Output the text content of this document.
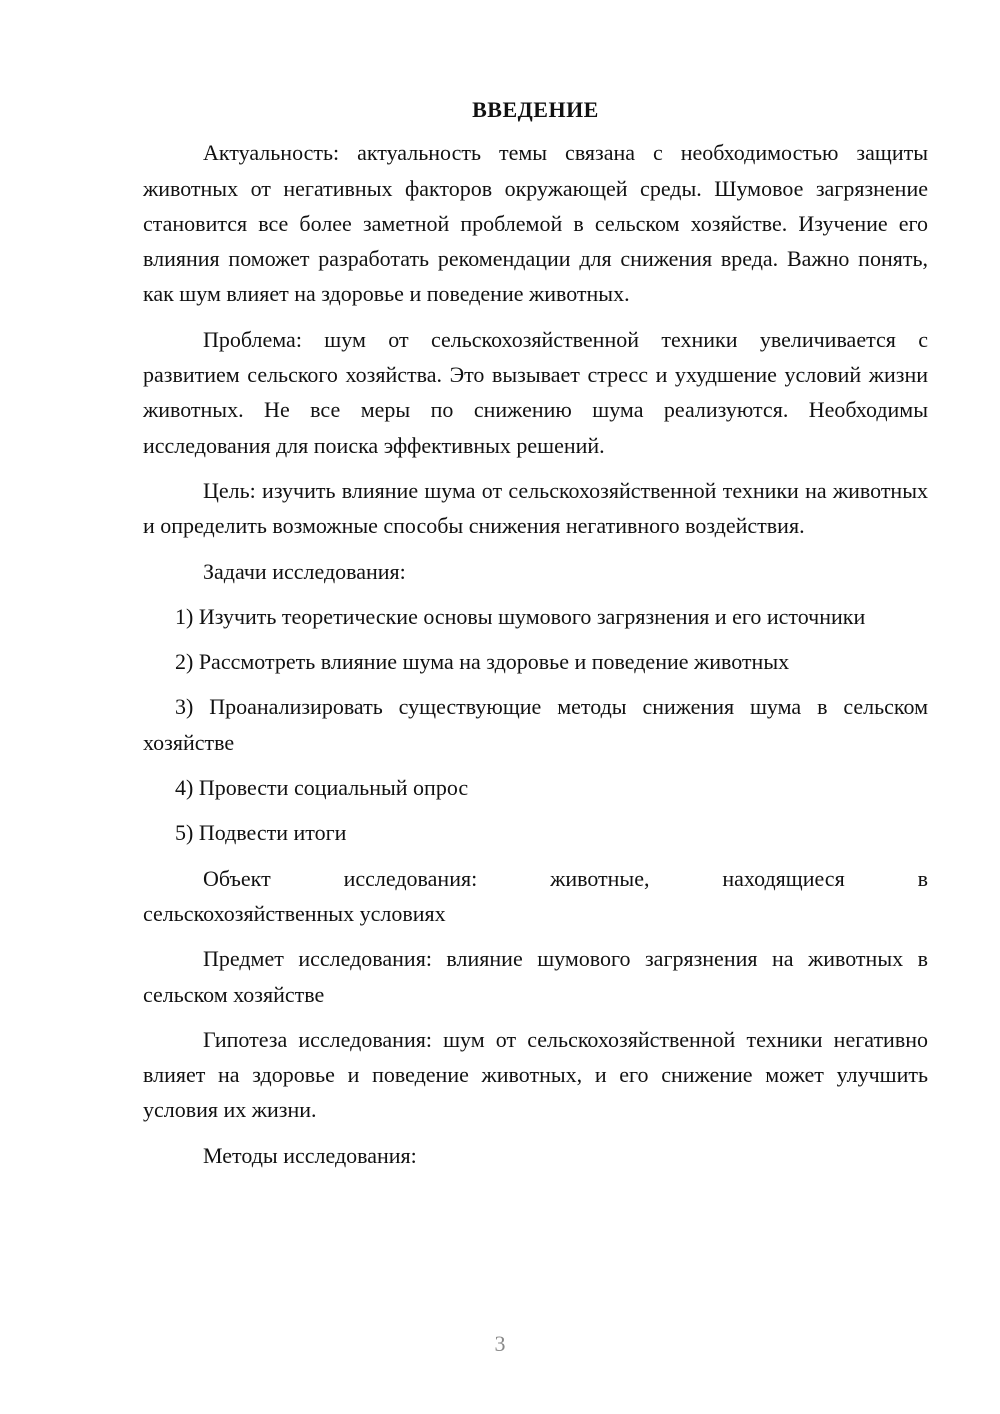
ВВЕДЕНИЕ

Актуальность: актуальность темы связана с необходимостью защиты животных от негативных факторов окружающей среды. Шумовое загрязнение становится все более заметной проблемой в сельском хозяйстве. Изучение его влияния поможет разработать рекомендации для снижения вреда. Важно понять, как шум влияет на здоровье и поведение животных.

Проблема: шум от сельскохозяйственной техники увеличивается с развитием сельского хозяйства. Это вызывает стресс и ухудшение условий жизни животных. Не все меры по снижению шума реализуются. Необходимы исследования для поиска эффективных решений.

Цель: изучить влияние шума от сельскохозяйственной техники на животных и определить возможные способы снижения негативного воздействия.

Задачи исследования:

1) Изучить теоретические основы шумового загрязнения и его источники

2) Рассмотреть влияние шума на здоровье и поведение животных

3) Проанализировать существующие методы снижения шума в сельском хозяйстве

4) Провести социальный опрос

5) Подвести итоги

Объект исследования: животные, находящиеся в
сельскохозяйственных условиях

Предмет исследования: влияние шумового загрязнения на животных в сельском хозяйстве

Гипотеза исследования: шум от сельскохозяйственной техники негативно влияет на здоровье и поведение животных, и его снижение может улучшить условия их жизни.

Методы исследования:

3
